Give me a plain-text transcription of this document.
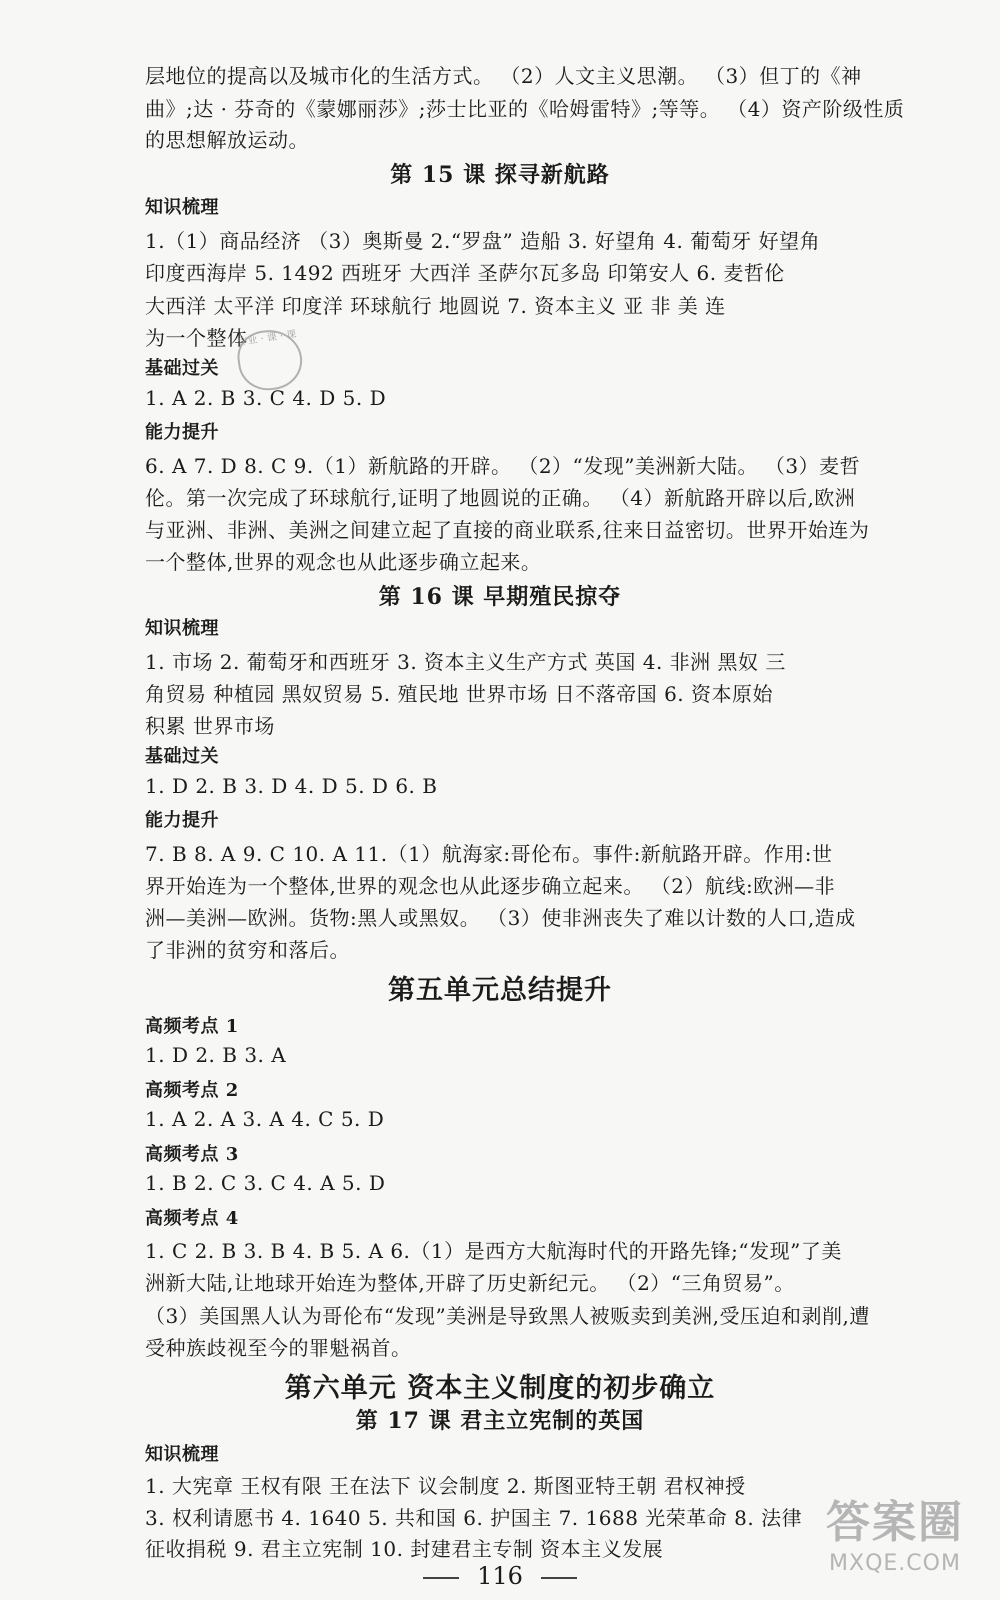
层地位的提高以及城市化的生活方式。 （2）人文主义思潮。 （3）但丁的《神
曲》;达 · 芬奇的《蒙娜丽莎》;莎士比亚的《哈姆雷特》;等等。 （4）资产阶级性质
的思想解放运动。
第 15 课 探寻新航路
知识梳理
1.（1）商品经济 （3）奥斯曼 2.“罗盘” 造船 3. 好望角 4. 葡萄牙 好望角
印度西海岸 5. 1492 西班牙 大西洋 圣萨尔瓦多岛 印第安人 6. 麦哲伦
大西洋 太平洋 印度洋 环球航行 地圆说 7. 资本主义 亚 非 美 连
为一个整体
基础过关
1. A 2. B 3. C 4. D 5. D
作业 · 课 · 课
能力提升
6. A 7. D 8. C 9.（1）新航路的开辟。 （2）“发现”美洲新大陆。 （3）麦哲
伦。第一次完成了环球航行,证明了地圆说的正确。 （4）新航路开辟以后,欧洲
与亚洲、非洲、美洲之间建立起了直接的商业联系,往来日益密切。世界开始连为
一个整体,世界的观念也从此逐步确立起来。
第 16 课 早期殖民掠夺
知识梳理
1. 市场 2. 葡萄牙和西班牙 3. 资本主义生产方式 英国 4. 非洲 黑奴 三
角贸易 种植园 黑奴贸易 5. 殖民地 世界市场 日不落帝国 6. 资本原始
积累 世界市场
基础过关
1. D 2. B 3. D 4. D 5. D 6. B
能力提升
7. B 8. A 9. C 10. A 11.（1）航海家:哥伦布。事件:新航路开辟。作用:世
界开始连为一个整体,世界的观念也从此逐步确立起来。 （2）航线:欧洲—非
洲—美洲—欧洲。货物:黑人或黑奴。 （3）使非洲丧失了难以计数的人口,造成
了非洲的贫穷和落后。
第五单元总结提升
高频考点 1
1. D 2. B 3. A
高频考点 2
1. A 2. A 3. A 4. C 5. D
高频考点 3
1. B 2. C 3. C 4. A 5. D
高频考点 4
1. C 2. B 3. B 4. B 5. A 6.（1）是西方大航海时代的开路先锋;“发现”了美
洲新大陆,让地球开始连为整体,开辟了历史新纪元。 （2）“三角贸易”。
（3）美国黑人认为哥伦布“发现”美洲是导致黑人被贩卖到美洲,受压迫和剥削,遭
受种族歧视至今的罪魁祸首。
第六单元 资本主义制度的初步确立
第 17 课 君主立宪制的英国
知识梳理
1. 大宪章 王权有限 王在法下 议会制度 2. 斯图亚特王朝 君权神授
3. 权利请愿书 4. 1640 5. 共和国 6. 护国主 7. 1688 光荣革命 8. 法律
征收捐税 9. 君主立宪制 10. 封建君主专制 资本主义发展
116
答案圈
MXQE.COM
